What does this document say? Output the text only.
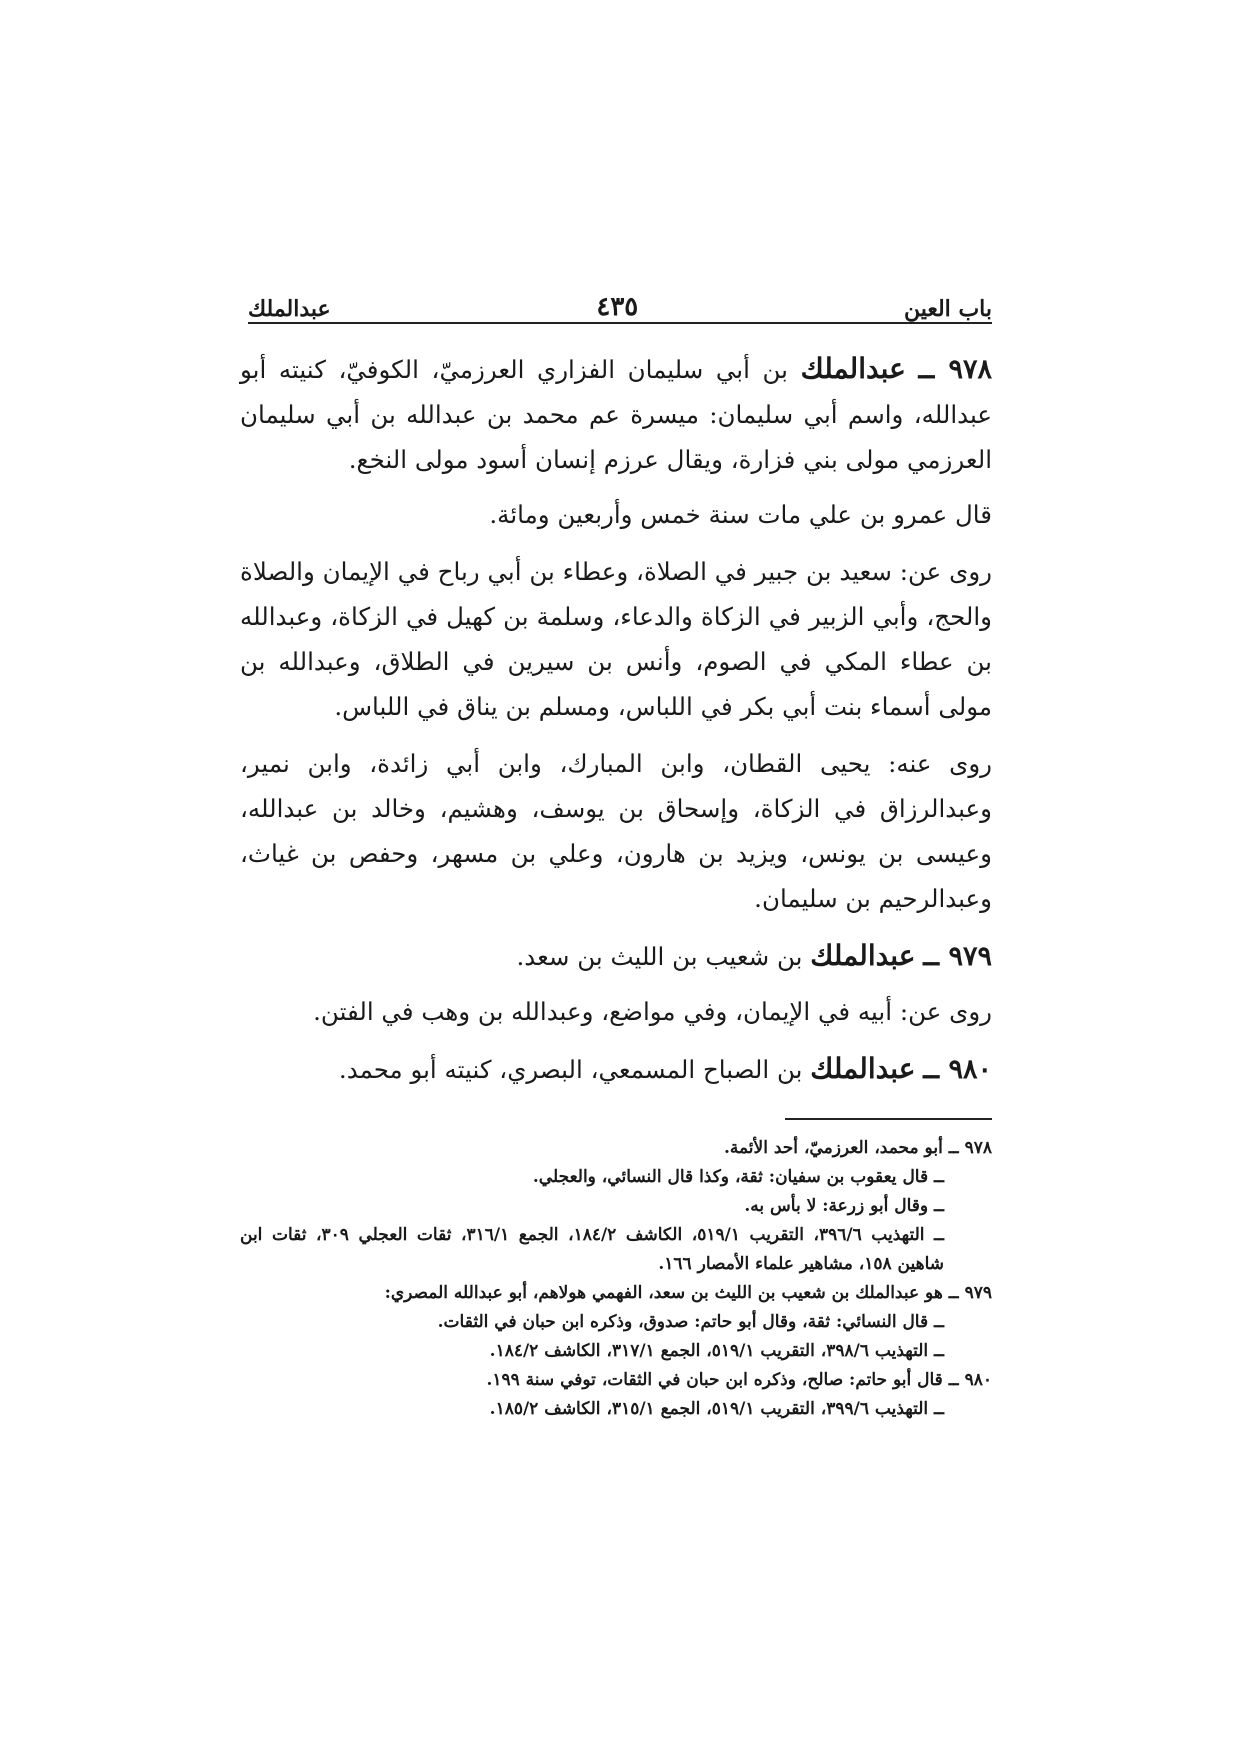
باب العين
٤٣٥
عبدالملك

٩٧٨ ــ عبدالملك بن أبي سليمان الفزاري العرزميّ، الكوفيّ، كنيته أبو عبدالله، واسم أبي سليمان: ميسرة عم محمد بن عبدالله بن أبي سليمان العرزمي مولى بني فزارة، ويقال عرزم إنسان أسود مولى النخع.

قال عمرو بن علي مات سنة خمس وأربعين ومائة.

روى عن: سعيد بن جبير في الصلاة، وعطاء بن أبي رباح في الإيمان والصلاة والحج، وأبي الزبير في الزكاة والدعاء، وسلمة بن كهيل في الزكاة، وعبدالله بن عطاء المكي في الصوم، وأنس بن سيرين في الطلاق، وعبدالله بن مولى أسماء بنت أبي بكر في اللباس، ومسلم بن يناق في اللباس.

روى عنه: يحيى القطان، وابن المبارك، وابن أبي زائدة، وابن نمير، وعبدالرزاق في الزكاة، وإسحاق بن يوسف، وهشيم، وخالد بن عبدالله، وعيسى بن يونس، ويزيد بن هارون، وعلي بن مسهر، وحفص بن غياث، وعبدالرحيم بن سليمان.

٩٧٩ ــ عبدالملك بن شعيب بن الليث بن سعد.

روى عن: أبيه في الإيمان، وفي مواضع، وعبدالله بن وهب في الفتن.

٩٨٠ ــ عبدالملك بن الصباح المسمعي، البصري، كنيته أبو محمد.

٩٧٨ ــ أبو محمد، العرزميّ، أحد الأئمة.
ــ قال يعقوب بن سفيان: ثقة، وكذا قال النسائي، والعجلي.
ــ وقال أبو زرعة: لا بأس به.
ــ التهذيب ٣٩٦/٦، التقريب ٥١٩/١، الكاشف ١٨٤/٢، الجمع ٣١٦/١، ثقات العجلي ٣٠٩، ثقات ابن شاهين ١٥٨، مشاهير علماء الأمصار ١٦٦.
٩٧٩ ــ هو عبدالملك بن شعيب بن الليث بن سعد، الفهمي هولاهم، أبو عبدالله المصري:
ــ قال النسائي: ثقة، وقال أبو حاتم: صدوق، وذكره ابن حبان في الثقات.
ــ التهذيب ٣٩٨/٦، التقريب ٥١٩/١، الجمع ٣١٧/١، الكاشف ١٨٤/٢.
٩٨٠ ــ قال أبو حاتم: صالح، وذكره ابن حبان في الثقات، توفي سنة ١٩٩.
ــ التهذيب ٣٩٩/٦، التقريب ٥١٩/١، الجمع ٣١٥/١، الكاشف ١٨٥/٢.
